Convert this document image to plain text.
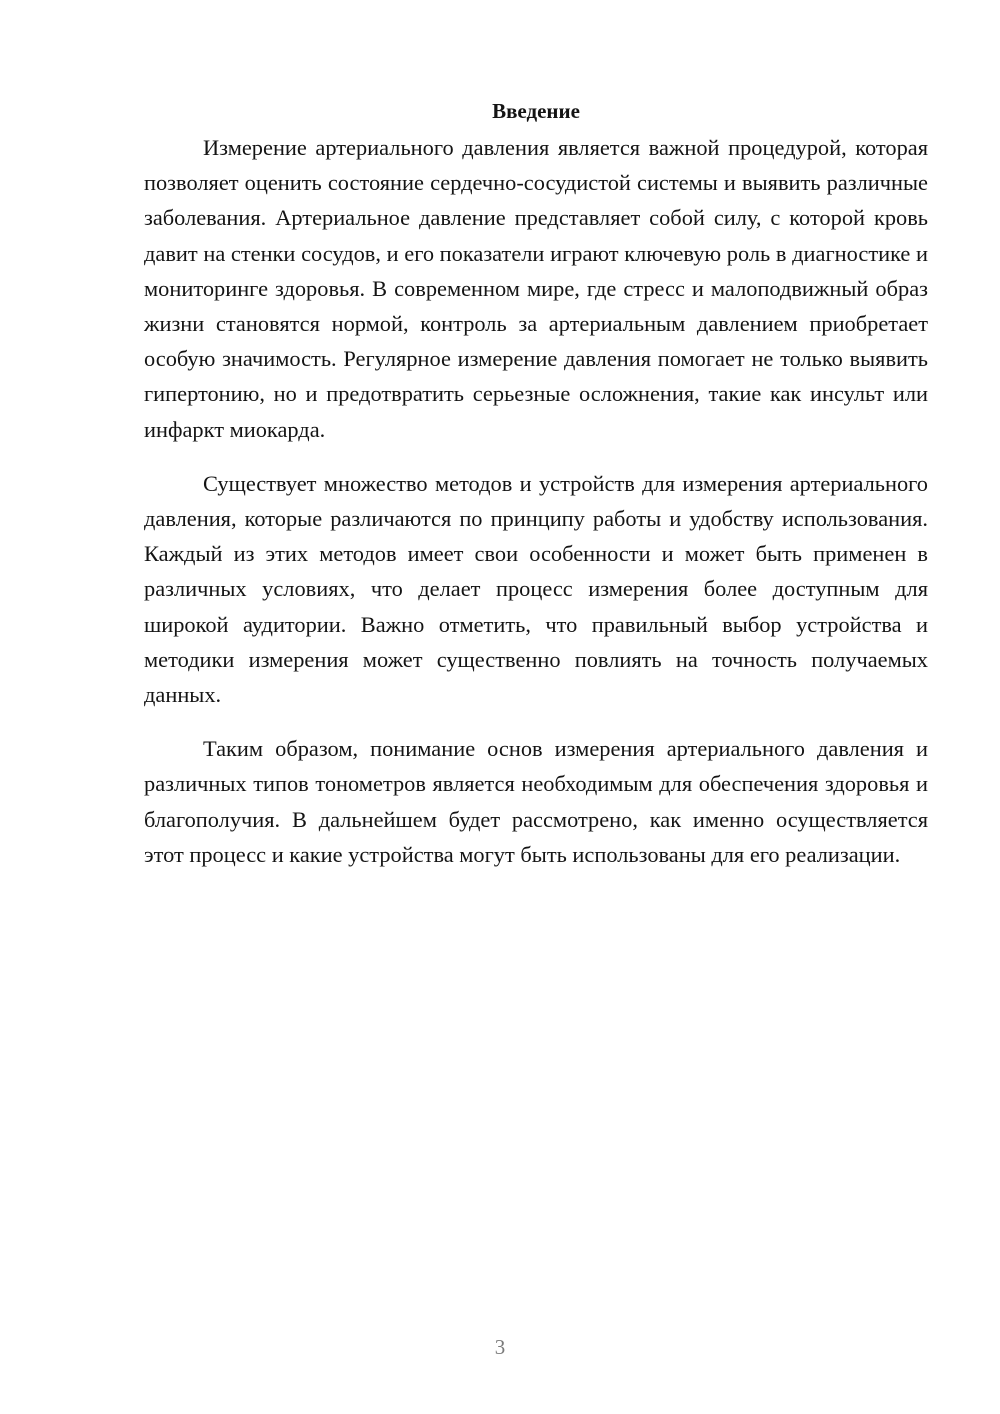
Введение

Измерение артериального давления является важной процедурой, которая позволяет оценить состояние сердечно-сосудистой системы и выявить различные заболевания. Артериальное давление представляет собой силу, с которой кровь давит на стенки сосудов, и его показатели играют ключевую роль в диагностике и мониторинге здоровья. В современном мире, где стресс и малоподвижный образ жизни становятся нормой, контроль за артериальным давлением приобретает особую значимость. Регулярное измерение давления помогает не только выявить гипертонию, но и предотвратить серьезные осложнения, такие как инсульт или инфаркт миокарда.

Существует множество методов и устройств для измерения артериального давления, которые различаются по принципу работы и удобству использования. Каждый из этих методов имеет свои особенности и может быть применен в различных условиях, что делает процесс измерения более доступным для широкой аудитории. Важно отметить, что правильный выбор устройства и методики измерения может существенно повлиять на точность получаемых данных.

Таким образом, понимание основ измерения артериального давления и различных типов тонометров является необходимым для обеспечения здоровья и благополучия. В дальнейшем будет рассмотрено, как именно осуществляется этот процесс и какие устройства могут быть использованы для его реализации.

3
